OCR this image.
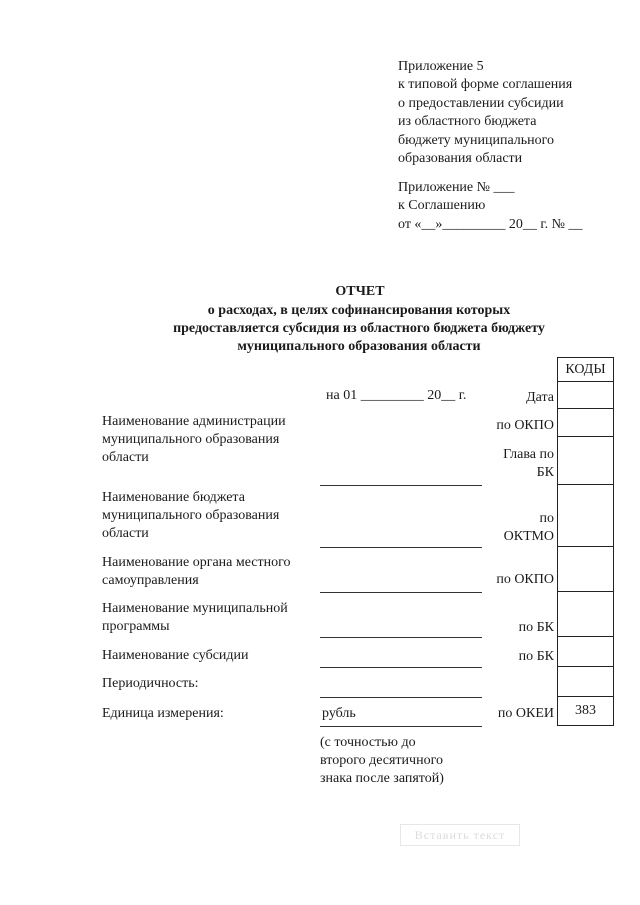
Приложение 5
к типовой форме соглашения
о предоставлении субсидии
из областного бюджета
бюджету муниципального
образования области
Приложение № ___
к Соглашению
от «__»_________ 20__ г. № __
ОТЧЕТ
о расходах, в целях софинансирования которых
предоставляется субсидия из областного бюджета бюджету
муниципального образования области
на 01 _________ 20__ г.
Наименование администрации
муниципального образования
области
Наименование бюджета
муниципального образования
области
Наименование органа местного
самоуправления
Наименование муниципальной
программы
Наименование субсидии
Периодичность:
Единица измерения:	рубль
(с точностью до
второго десятичного
знака после запятой)
Дата
по ОКПО
Глава по
БК
по
ОКТМО
по ОКПО
по БК
по БК
по ОКЕИ
КОДЫ
383
Вставить текст
